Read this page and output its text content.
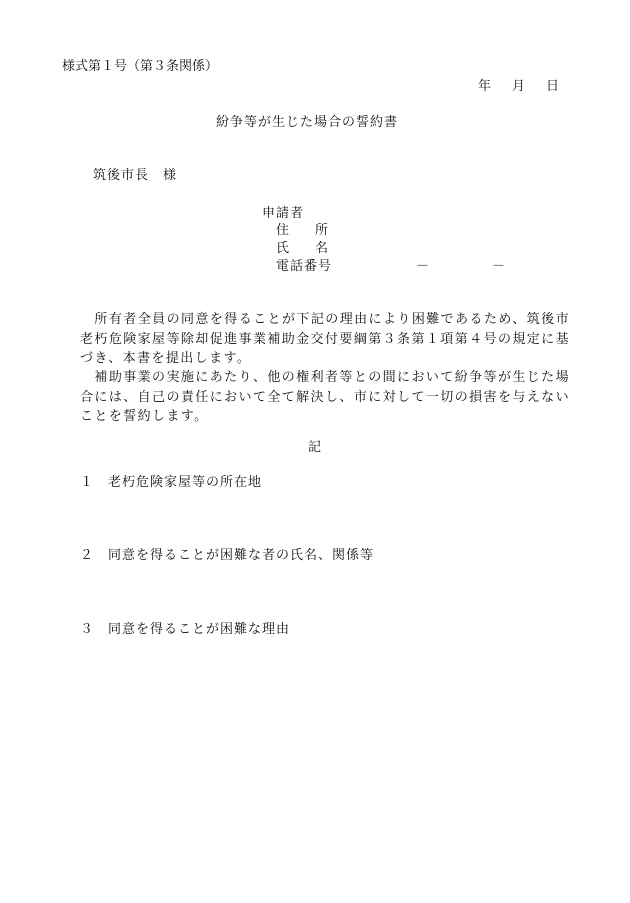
様式第１号（第３条関係）
年　月　日
紛争等が生じた場合の誓約書
筑後市長　様
申請者
住　　所
氏　　名
電話番号	－　　　－
　所有者全員の同意を得ることが下記の理由により困難であるため、筑後市老朽危険家屋等除却促進事業補助金交付要綱第３条第１項第４号の規定に基づき、本書を提出します。
　補助事業の実施にあたり、他の権利者等との間において紛争等が生じた場合には、自己の責任において全て解決し、市に対して一切の損害を与えないことを誓約します。
記
１ 老朽危険家屋等の所在地
２ 同意を得ることが困難な者の氏名、関係等
３ 同意を得ることが困難な理由
